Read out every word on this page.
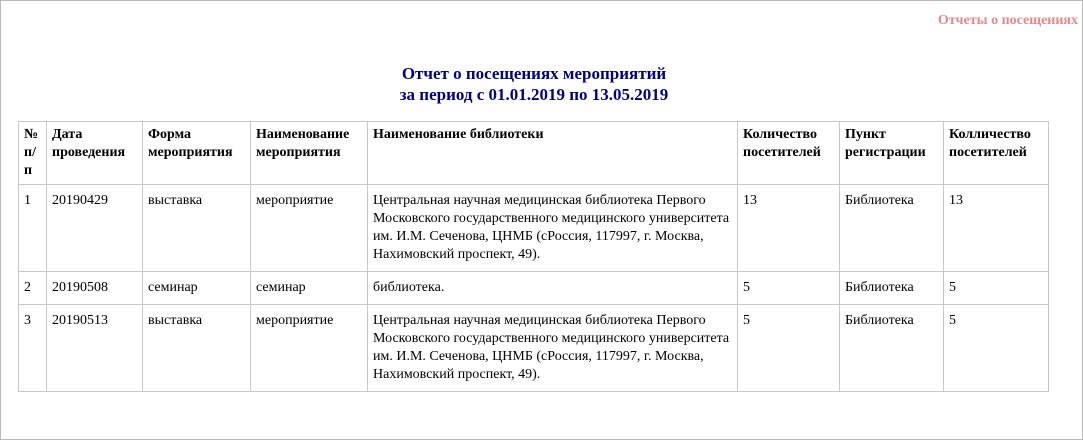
Отчеты о посещениях
Отчет о посещениях мероприятий
за период с 01.01.2019 по 13.05.2019
№ п/п	Дата проведения	Форма мероприятия	Наименование мероприятия	Наименование библиотеки	Количество посетителей	Пункт регистрации	Колличество посетителей
1	20190429	выставка	мероприятие	Центральная научная медицинская библиотека Первого Московского государственного медицинского университета им. И.М. Сеченова, ЦНМБ (сРоссия, 117997, г. Москва, Нахимовский проспект, 49).	13	Библиотека	13
2	20190508	семинар	семинар	библиотека.	5	Библиотека	5
3	20190513	выставка	мероприятие	Центральная научная медицинская библиотека Первого Московского государственного медицинского университета им. И.М. Сеченова, ЦНМБ (сРоссия, 117997, г. Москва, Нахимовский проспект, 49).	5	Библиотека	5
